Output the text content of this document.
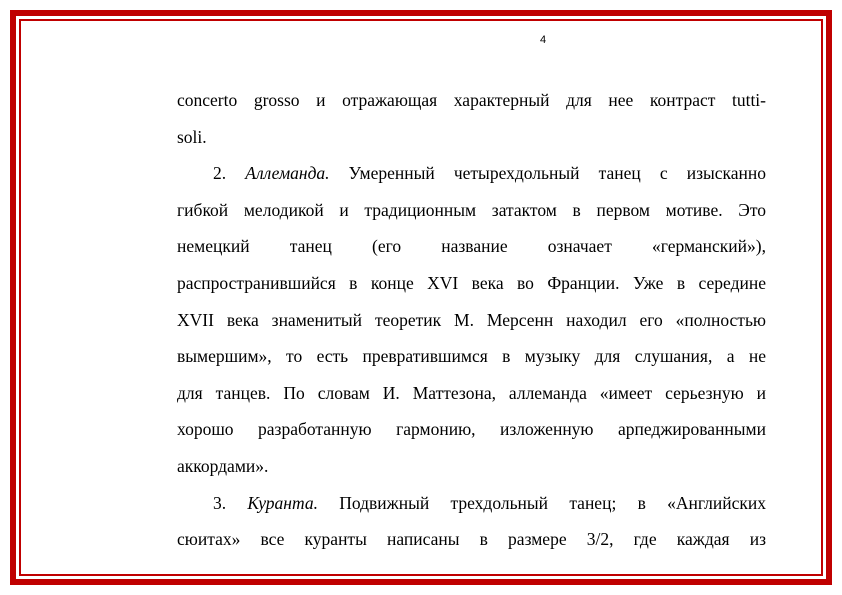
4
concerto grosso и отражающая характерный для нее контраст tutti-
soli.
2. Аллеманда. Умеренный четырехдольный танец с изысканно
гибкой мелодикой и традиционным затактом в первом мотиве. Это
немецкий танец (его название означает «германский»),
распространившийся в конце XVI века во Франции. Уже в середине
XVII века знаменитый теоретик М. Мерсенн находил его «полностью
вымершим», то есть превратившимся в музыку для слушания, а не
для танцев. По словам И. Маттезона, аллеманда «имеет серьезную и
хорошо разработанную гармонию, изложенную арпеджированными
аккордами».
3. Куранта. Подвижный трехдольный танец; в «Английских
сюитах» все куранты написаны в размере 3/2, где каждая из
